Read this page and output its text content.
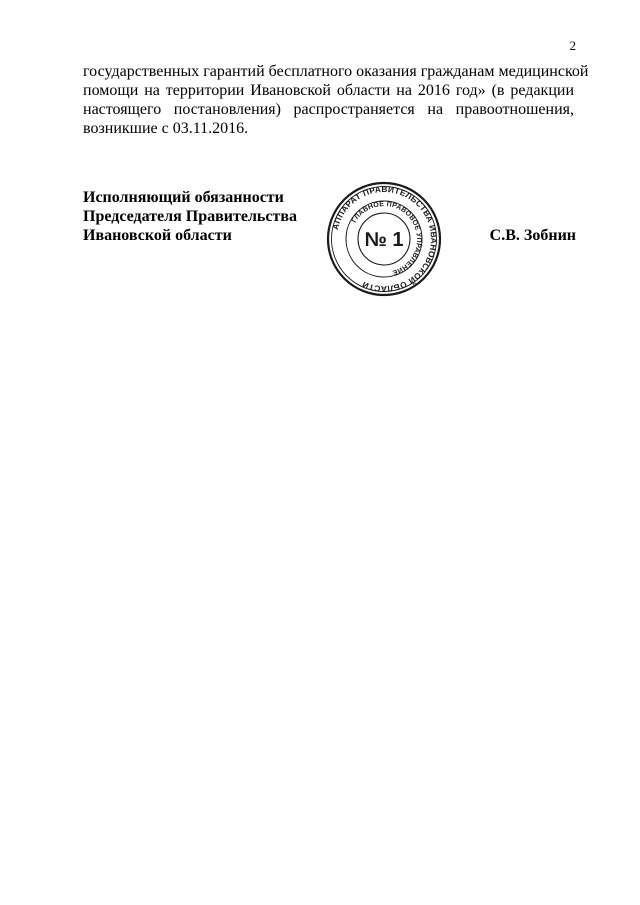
2

государственных гарантий бесплатного оказания гражданам медицинской
помощи на территории Ивановской области на 2016 год» (в редакции
настоящего постановления) распространяется на правоотношения,
возникшие с 03.11.2016.

Исполняющий обязанности
Председателя Правительства
Ивановской области	С.В. Зобнин
АППАРАТ ПРАВИТЕЛЬСТВА ИВАНОВСКОЙ ОБЛАСТИ
ГЛАВНОЕ ПРАВОВОЕ УПРАВЛЕНИЕ
№ 1
